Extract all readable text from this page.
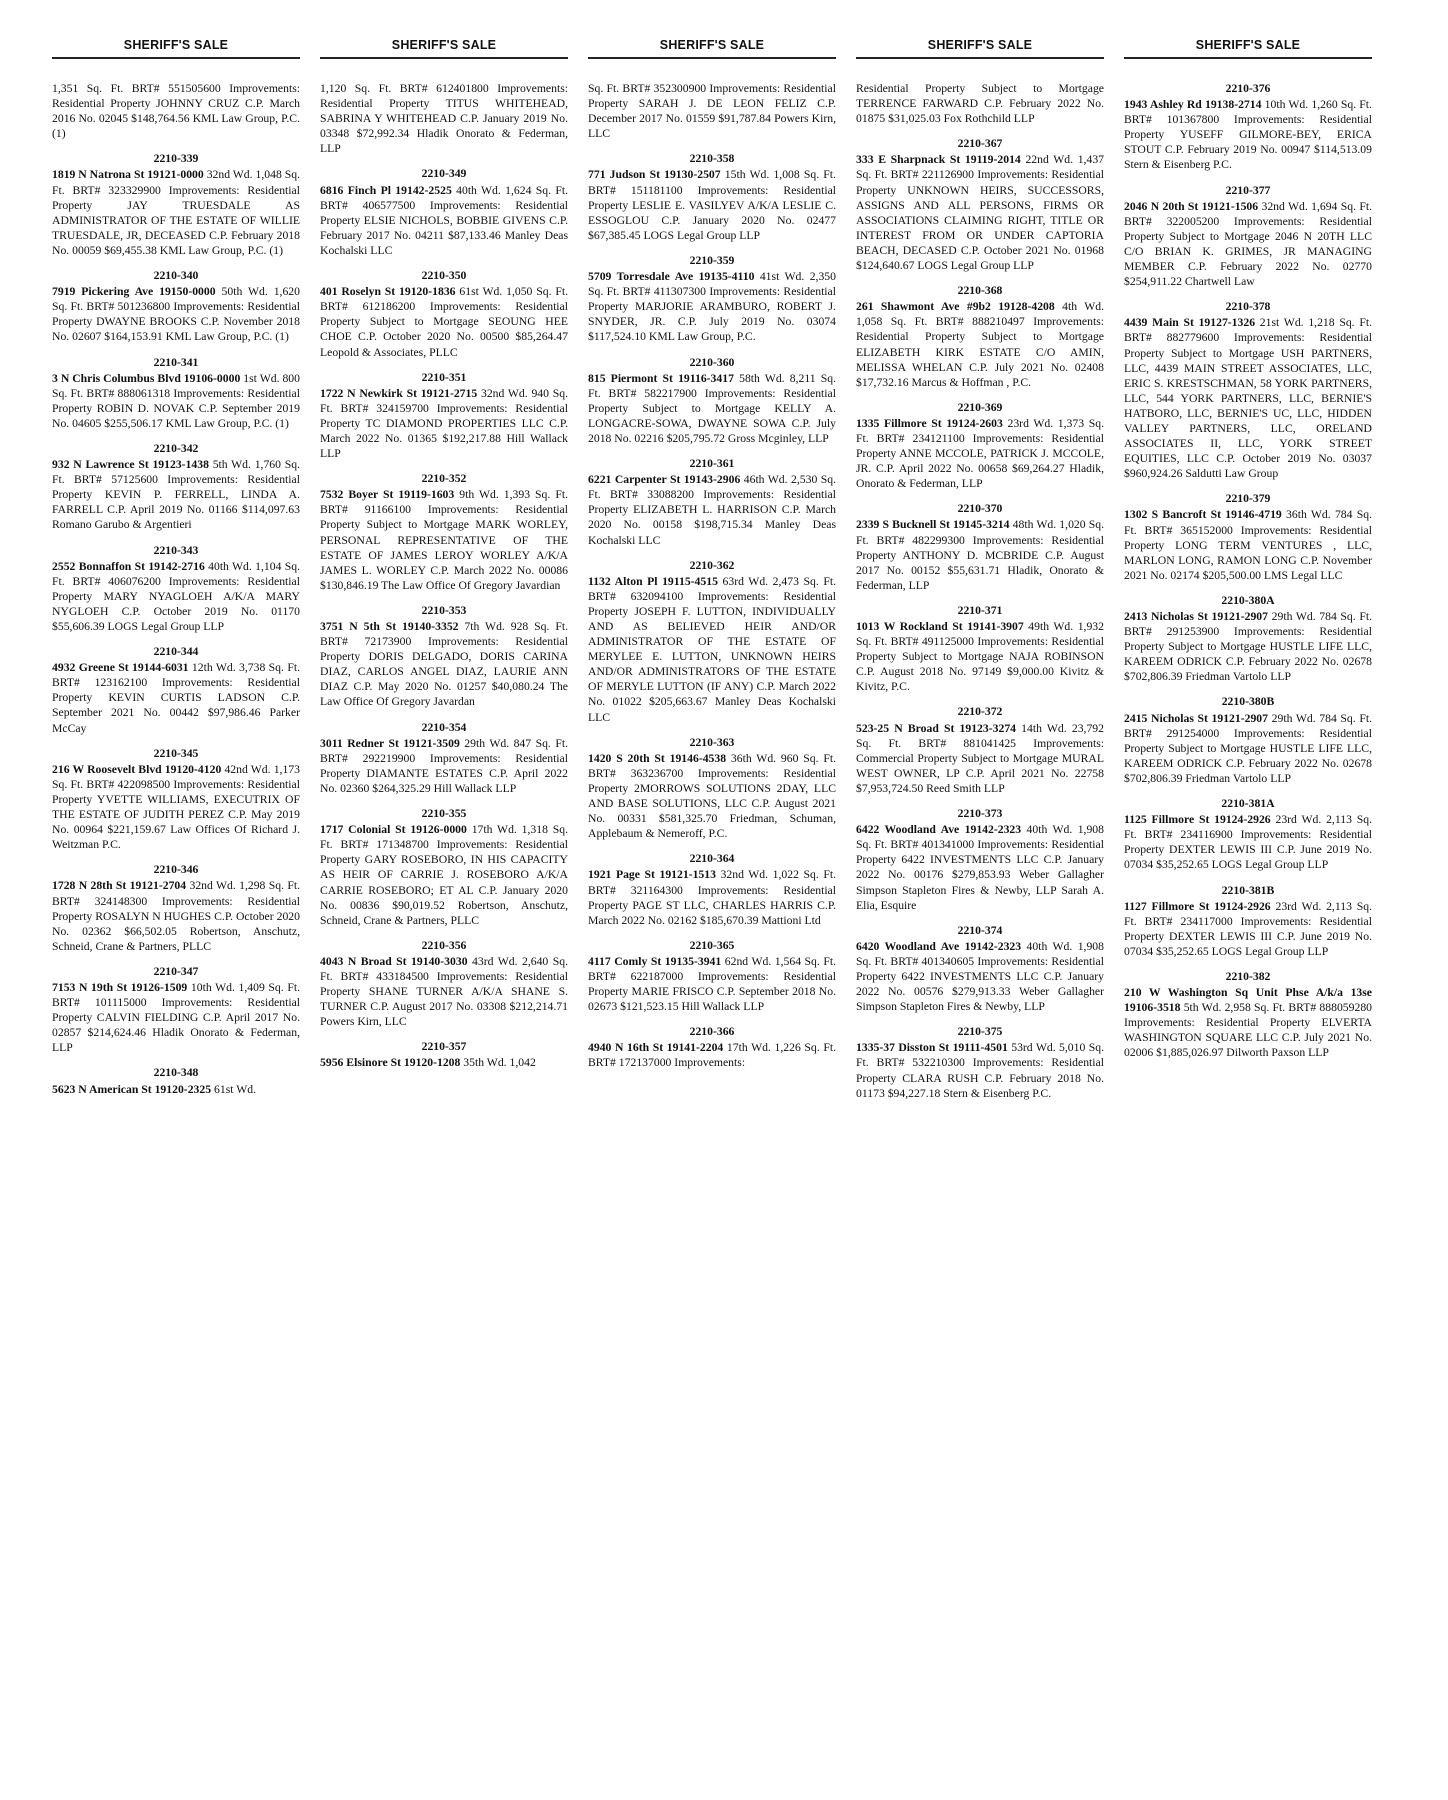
SHERIFF'S SALE

1,351 Sq. Ft. BRT# 551505600 Improvements: Residential Property JOHNNY CRUZ C.P. March 2016 No. 02045 $148,764.56 KML Law Group, P.C. (1)

2210-339

1819 N Natrona St 19121-0000 32nd Wd. 1,048 Sq. Ft. BRT# 323329900 Improvements: Residential Property JAY TRUESDALE AS ADMINISTRATOR OF THE ESTATE OF WILLIE TRUESDALE, JR, DECEASED C.P. February 2018 No. 00059 $69,455.38 KML Law Group, P.C. (1)

2210-340

7919 Pickering Ave 19150-0000 50th Wd. 1,620 Sq. Ft. BRT# 501236800 Improvements: Residential Property DWAYNE BROOKS C.P. November 2018 No. 02607 $164,153.91 KML Law Group, P.C. (1)

2210-341

3 N Chris Columbus Blvd 19106-0000 1st Wd. 800 Sq. Ft. BRT# 888061318 Improvements: Residential Property ROBIN D. NOVAK C.P. September 2019 No. 04605 $255,506.17 KML Law Group, P.C. (1)

2210-342

932 N Lawrence St 19123-1438 5th Wd. 1,760 Sq. Ft. BRT# 57125600 Improvements: Residential Property KEVIN P. FERRELL, LINDA A. FARRELL C.P. April 2019 No. 01166 $114,097.63 Romano Garubo & Argentieri

2210-343

2552 Bonnaffon St 19142-2716 40th Wd. 1,104 Sq. Ft. BRT# 406076200 Improvements: Residential Property MARY NYAGLOEH A/K/A MARY NYGLOEH C.P. October 2019 No. 01170 $55,606.39 LOGS Legal Group LLP

2210-344

4932 Greene St 19144-6031 12th Wd. 3,738 Sq. Ft. BRT# 123162100 Improvements: Residential Property KEVIN CURTIS LADSON C.P. September 2021 No. 00442 $97,986.46 Parker McCay

2210-345

216 W Roosevelt Blvd 19120-4120 42nd Wd. 1,173 Sq. Ft. BRT# 422098500 Improvements: Residential Property YVETTE WILLIAMS, EXECUTRIX OF THE ESTATE OF JUDITH PEREZ C.P. May 2019 No. 00964 $221,159.67 Law Offices Of Richard J. Weitzman P.C.

2210-346

1728 N 28th St 19121-2704 32nd Wd. 1,298 Sq. Ft. BRT# 324148300 Improvements: Residential Property ROSALYN N HUGHES C.P. October 2020 No. 02362 $66,502.05 Robertson, Anschutz, Schneid, Crane & Partners, PLLC

2210-347

7153 N 19th St 19126-1509 10th Wd. 1,409 Sq. Ft. BRT# 101115000 Improvements: Residential Property CALVIN FIELDING C.P. April 2017 No. 02857 $214,624.46 Hladik Onorato & Federman, LLP

2210-348

5623 N American St 19120-2325 61st Wd.

SHERIFF'S SALE

1,120 Sq. Ft. BRT# 612401800 Improvements: Residential Property TITUS WHITEHEAD, SABRINA Y WHITEHEAD C.P. January 2019 No. 03348 $72,992.34 Hladik Onorato & Federman, LLP

2210-349

6816 Finch Pl 19142-2525 40th Wd. 1,624 Sq. Ft. BRT# 406577500 Improvements: Residential Property ELSIE NICHOLS, BOBBIE GIVENS C.P. February 2017 No. 04211 $87,133.46 Manley Deas Kochalski LLC

2210-350

401 Roselyn St 19120-1836 61st Wd. 1,050 Sq. Ft. BRT# 612186200 Improvements: Residential Property Subject to Mortgage SEOUNG HEE CHOE C.P. October 2020 No. 00500 $85,264.47 Leopold & Associates, PLLC

2210-351

1722 N Newkirk St 19121-2715 32nd Wd. 940 Sq. Ft. BRT# 324159700 Improvements: Residential Property TC DIAMOND PROPERTIES LLC C.P. March 2022 No. 01365 $192,217.88 Hill Wallack LLP

2210-352

7532 Boyer St 19119-1603 9th Wd. 1,393 Sq. Ft. BRT# 91166100 Improvements: Residential Property Subject to Mortgage MARK WORLEY, PERSONAL REPRESENTATIVE OF THE ESTATE OF JAMES LEROY WORLEY A/K/A JAMES L. WORLEY C.P. March 2022 No. 00086 $130,846.19 The Law Office Of Gregory Javardian

2210-353

3751 N 5th St 19140-3352 7th Wd. 928 Sq. Ft. BRT# 72173900 Improvements: Residential Property DORIS DELGADO, DORIS CARINA DIAZ, CARLOS ANGEL DIAZ, LAURIE ANN DIAZ C.P. May 2020 No. 01257 $40,080.24 The Law Office Of Gregory Javardan

2210-354

3011 Redner St 19121-3509 29th Wd. 847 Sq. Ft. BRT# 292219900 Improvements: Residential Property DIAMANTE ESTATES C.P. April 2022 No. 02360 $264,325.29 Hill Wallack LLP

2210-355

1717 Colonial St 19126-0000 17th Wd. 1,318 Sq. Ft. BRT# 171348700 Improvements: Residential Property GARY ROSEBORO, IN HIS CAPACITY AS HEIR OF CARRIE J. ROSEBORO A/K/A CARRIE ROSEBORO; ET AL C.P. January 2020 No. 00836 $90,019.52 Robertson, Anschutz, Schneid, Crane & Partners, PLLC

2210-356

4043 N Broad St 19140-3030 43rd Wd. 2,640 Sq. Ft. BRT# 433184500 Improvements: Residential Property SHANE TURNER A/K/A SHANE S. TURNER C.P. August 2017 No. 03308 $212,214.71 Powers Kirn, LLC

2210-357

5956 Elsinore St 19120-1208 35th Wd. 1,042

SHERIFF'S SALE

Sq. Ft. BRT# 352300900 Improvements: Residential Property SARAH J. DE LEON FELIZ C.P. December 2017 No. 01559 $91,787.84 Powers Kirn, LLC

2210-358

771 Judson St 19130-2507 15th Wd. 1,008 Sq. Ft. BRT# 151181100 Improvements: Residential Property LESLIE E. VASILYEV A/K/A LESLIE C. ESSOGLOU C.P. January 2020 No. 02477 $67,385.45 LOGS Legal Group LLP

2210-359

5709 Torresdale Ave 19135-4110 41st Wd. 2,350 Sq. Ft. BRT# 411307300 Improvements: Residential Property MARJORIE ARAMBURO, ROBERT J. SNYDER, JR. C.P. July 2019 No. 03074 $117,524.10 KML Law Group, P.C.

2210-360

815 Piermont St 19116-3417 58th Wd. 8,211 Sq. Ft. BRT# 582217900 Improvements: Residential Property Subject to Mortgage KELLY A. LONGACRE-SOWA, DWAYNE SOWA C.P. July 2018 No. 02216 $205,795.72 Gross Mcginley, LLP

2210-361

6221 Carpenter St 19143-2906 46th Wd. 2,530 Sq. Ft. BRT# 33088200 Improvements: Residential Property ELIZABETH L. HARRISON C.P. March 2020 No. 00158 $198,715.34 Manley Deas Kochalski LLC

2210-362

1132 Alton Pl 19115-4515 63rd Wd. 2,473 Sq. Ft. BRT# 632094100 Improvements: Residential Property JOSEPH F. LUTTON, INDIVIDUALLY AND AS BELIEVED HEIR AND/OR ADMINISTRATOR OF THE ESTATE OF MERYLEE E. LUTTON, UNKNOWN HEIRS AND/OR ADMINISTRATORS OF THE ESTATE OF MERYLE LUTTON (IF ANY) C.P. March 2022 No. 01022 $205,663.67 Manley Deas Kochalski LLC

2210-363

1420 S 20th St 19146-4538 36th Wd. 960 Sq. Ft. BRT# 363236700 Improvements: Residential Property 2MORROWS SOLUTIONS 2DAY, LLC AND BASE SOLUTIONS, LLC C.P. August 2021 No. 00331 $581,325.70 Friedman, Schuman, Applebaum & Nemeroff, P.C.

2210-364

1921 Page St 19121-1513 32nd Wd. 1,022 Sq. Ft. BRT# 321164300 Improvements: Residential Property PAGE ST LLC, CHARLES HARRIS C.P. March 2022 No. 02162 $185,670.39 Mattioni Ltd

2210-365

4117 Comly St 19135-3941 62nd Wd. 1,564 Sq. Ft. BRT# 622187000 Improvements: Residential Property MARIE FRISCO C.P. September 2018 No. 02673 $121,523.15 Hill Wallack LLP

2210-366

4940 N 16th St 19141-2204 17th Wd. 1,226 Sq. Ft. BRT# 172137000 Improvements:

SHERIFF'S SALE

Residential Property Subject to Mortgage TERRENCE FARWARD C.P. February 2022 No. 01875 $31,025.03 Fox Rothchild LLP

2210-367

333 E Sharpnack St 19119-2014 22nd Wd. 1,437 Sq. Ft. BRT# 221126900 Improvements: Residential Property UNKNOWN HEIRS, SUCCESSORS, ASSIGNS AND ALL PERSONS, FIRMS OR ASSOCIATIONS CLAIMING RIGHT, TITLE OR INTEREST FROM OR UNDER CAPTORIA BEACH, DECASED C.P. October 2021 No. 01968 $124,640.67 LOGS Legal Group LLP

2210-368

261 Shawmont Ave #9b2 19128-4208 4th Wd. 1,058 Sq. Ft. BRT# 888210497 Improvements: Residential Property Subject to Mortgage ELIZABETH KIRK ESTATE C/O AMIN, MELISSA WHELAN C.P. July 2021 No. 02408 $17,732.16 Marcus & Hoffman , P.C.

2210-369

1335 Fillmore St 19124-2603 23rd Wd. 1,373 Sq. Ft. BRT# 234121100 Improvements: Residential Property ANNE MCCOLE, PATRICK J. MCCOLE, JR. C.P. April 2022 No. 00658 $69,264.27 Hladik, Onorato & Federman, LLP

2210-370

2339 S Bucknell St 19145-3214 48th Wd. 1,020 Sq. Ft. BRT# 482299300 Improvements: Residential Property ANTHONY D. MCBRIDE C.P. August 2017 No. 00152 $55,631.71 Hladik, Onorato & Federman, LLP

2210-371

1013 W Rockland St 19141-3907 49th Wd. 1,932 Sq. Ft. BRT# 491125000 Improvements: Residential Property Subject to Mortgage NAJA ROBINSON C.P. August 2018 No. 97149 $9,000.00 Kivitz & Kivitz, P.C.

2210-372

523-25 N Broad St 19123-3274 14th Wd. 23,792 Sq. Ft. BRT# 881041425 Improvements: Commercial Property Subject to Mortgage MURAL WEST OWNER, LP C.P. April 2021 No. 22758 $7,953,724.50 Reed Smith LLP

2210-373

6422 Woodland Ave 19142-2323 40th Wd. 1,908 Sq. Ft. BRT# 401341000 Improvements: Residential Property 6422 INVESTMENTS LLC C.P. January 2022 No. 00176 $279,853.93 Weber Gallagher Simpson Stapleton Fires & Newby, LLP Sarah A. Elia, Esquire

2210-374

6420 Woodland Ave 19142-2323 40th Wd. 1,908 Sq. Ft. BRT# 401340605 Improvements: Residential Property 6422 INVESTMENTS LLC C.P. January 2022 No. 00576 $279,913.33 Weber Gallagher Simpson Stapleton Fires & Newby, LLP

2210-375

1335-37 Disston St 19111-4501 53rd Wd. 5,010 Sq. Ft. BRT# 532210300 Improvements: Residential Property CLARA RUSH C.P. February 2018 No. 01173 $94,227.18 Stern & Eisenberg P.C.

SHERIFF'S SALE
2210-376

1943 Ashley Rd 19138-2714 10th Wd. 1,260 Sq. Ft. BRT# 101367800 Improvements: Residential Property YUSEFF GILMORE-BEY, ERICA STOUT C.P. February 2019 No. 00947 $114,513.09 Stern & Eisenberg P.C.

2210-377

2046 N 20th St 19121-1506 32nd Wd. 1,694 Sq. Ft. BRT# 322005200 Improvements: Residential Property Subject to Mortgage 2046 N 20TH LLC C/O BRIAN K. GRIMES, JR MANAGING MEMBER C.P. February 2022 No. 02770 $254,911.22 Chartwell Law

2210-378

4439 Main St 19127-1326 21st Wd. 1,218 Sq. Ft. BRT# 882779600 Improvements: Residential Property Subject to Mortgage USH PARTNERS, LLC, 4439 MAIN STREET ASSOCIATES, LLC, ERIC S. KRESTSCHMAN, 58 YORK PARTNERS, LLC, 544 YORK PARTNERS, LLC, BERNIE'S HATBORO, LLC, BERNIE'S UC, LLC, HIDDEN VALLEY PARTNERS, LLC, ORELAND ASSOCIATES II, LLC, YORK STREET EQUITIES, LLC C.P. October 2019 No. 03037 $960,924.26 Saldutti Law Group

2210-379

1302 S Bancroft St 19146-4719 36th Wd. 784 Sq. Ft. BRT# 365152000 Improvements: Residential Property LONG TERM VENTURES , LLC, MARLON LONG, RAMON LONG C.P. November 2021 No. 02174 $205,500.00 LMS Legal LLC

2210-380A

2413 Nicholas St 19121-2907 29th Wd. 784 Sq. Ft. BRT# 291253900 Improvements: Residential Property Subject to Mortgage HUSTLE LIFE LLC, KAREEM ODRICK C.P. February 2022 No. 02678 $702,806.39 Friedman Vartolo LLP

2210-380B

2415 Nicholas St 19121-2907 29th Wd. 784 Sq. Ft. BRT# 291254000 Improvements: Residential Property Subject to Mortgage HUSTLE LIFE LLC, KAREEM ODRICK C.P. February 2022 No. 02678 $702,806.39 Friedman Vartolo LLP

2210-381A

1125 Fillmore St 19124-2926 23rd Wd. 2,113 Sq. Ft. BRT# 234116900 Improvements: Residential Property DEXTER LEWIS III C.P. June 2019 No. 07034 $35,252.65 LOGS Legal Group LLP

2210-381B

1127 Fillmore St 19124-2926 23rd Wd. 2,113 Sq. Ft. BRT# 234117000 Improvements: Residential Property DEXTER LEWIS III C.P. June 2019 No. 07034 $35,252.65 LOGS Legal Group LLP

2210-382

210 W Washington Sq Unit Phse A/k/a 13se 19106-3518 5th Wd. 2,958 Sq. Ft. BRT# 888059280 Improvements: Residential Property ELVERTA WASHINGTON SQUARE LLC C.P. July 2021 No. 02006 $1,885,026.97 Dilworth Paxson LLP
